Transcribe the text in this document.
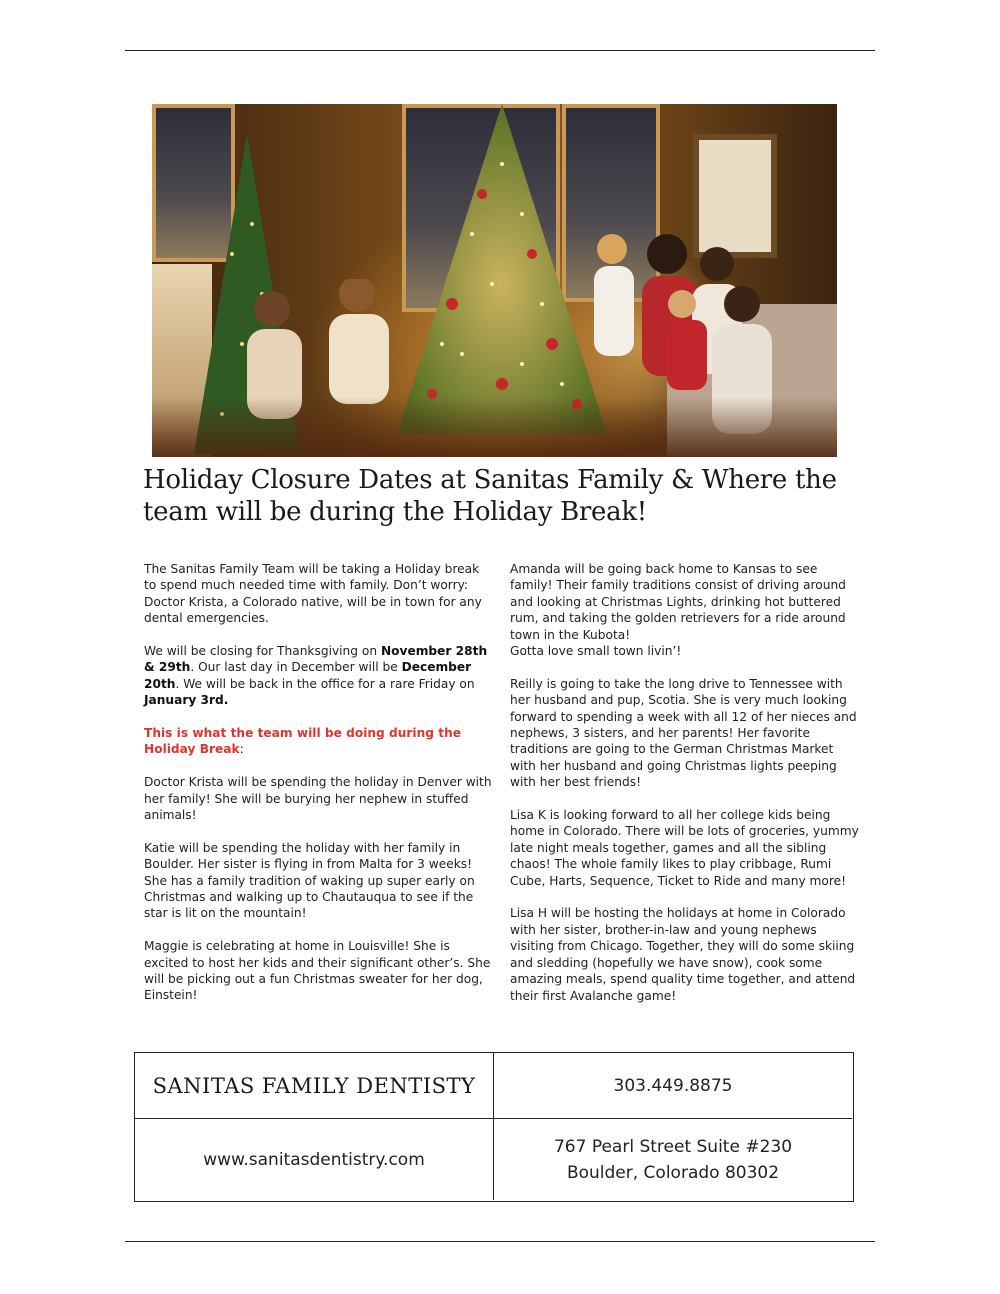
Holiday Closure Dates at Sanitas Family & Where the team will be during the Holiday Break!

The Sanitas Family Team will be taking a Holiday break to spend much needed time with family. Don’t worry: Doctor Krista, a Colorado native, will be in town for any dental emergencies.

We will be closing for Thanksgiving on November 28th & 29th. Our last day in December will be December 20th. We will be back in the office for a rare Friday on January 3rd.

This is what the team will be doing during the Holiday Break:

Doctor Krista will be spending the holiday in Denver with her family! She will be burying her nephew in stuffed animals!

Katie will be spending the holiday with her family in Boulder. Her sister is flying in from Malta for 3 weeks! She has a family tradition of waking up super early on Christmas and walking up to Chautauqua to see if the star is lit on the mountain!

Maggie is celebrating at home in Louisville! She is excited to host her kids and their significant other’s. She will be picking out a fun Christmas sweater for her dog, Einstein!

Amanda will be going back home to Kansas to see family! Their family traditions consist of driving around and looking at Christmas Lights, drinking hot buttered rum, and taking the golden retrievers for a ride around town in the Kubota!
Gotta love small town livin’!

Reilly is going to take the long drive to Tennessee with her husband and pup, Scotia. She is very much looking forward to spending a week with all 12 of her nieces and nephews, 3 sisters, and her parents! Her favorite traditions are going to the German Christmas Market with her husband and going Christmas lights peeping with her best friends!

Lisa K is looking forward to all her college kids being home in Colorado. There will be lots of groceries, yummy late night meals together, games and all the sibling chaos! The whole family likes to play cribbage, Rumi Cube, Harts, Sequence, Ticket to Ride and many more!

Lisa H will be hosting the holidays at home in Colorado with her sister, brother-in-law and young nephews visiting from Chicago. Together, they will do some skiing and sledding (hopefully we have snow), cook some amazing meals, spend quality time together, and attend their first Avalanche game!

SANITAS FAMILY DENTISTY	303.449.8875
www.sanitasdentistry.com
767 Pearl Street Suite #230
Boulder, Colorado 80302
